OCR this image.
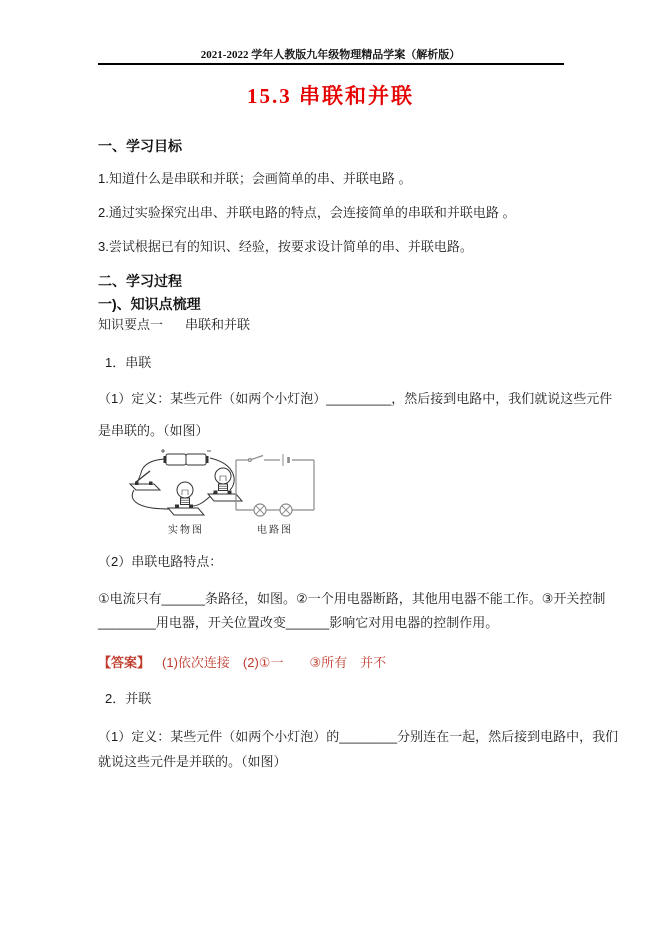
2021-2022 学年人教版九年级物理精品学案（解析版）
15.3 串联和并联
一、学习目标
1.知道什么是串联和并联；会画简单的串、并联电路 。
2.通过实验探究出串、并联电路的特点，会连接简单的串联和并联电路 。
3.尝试根据已有的知识、经验，按要求设计简单的串、并联电路。
二、学习过程
一)、知识点梳理
知识要点一 串联和并联
1．串联
（1）定义：某些元件（如两个小灯泡）_________，然后接到电路中，我们就说这些元件
是串联的。（如图）
实物图	电路图
（2）串联电路特点：
①电流只有______条路径，如图。②一个用电器断路，其他用电器不能工作。③开关控制
________用电器，开关位置改变______影响它对用电器的控制作用。
【答案】 (1)依次连接　(2)①一　　③所有　并不
2．并联
（1）定义：某些元件（如两个小灯泡）的________分别连在一起，然后接到电路中，我们
就说这些元件是并联的。（如图）
